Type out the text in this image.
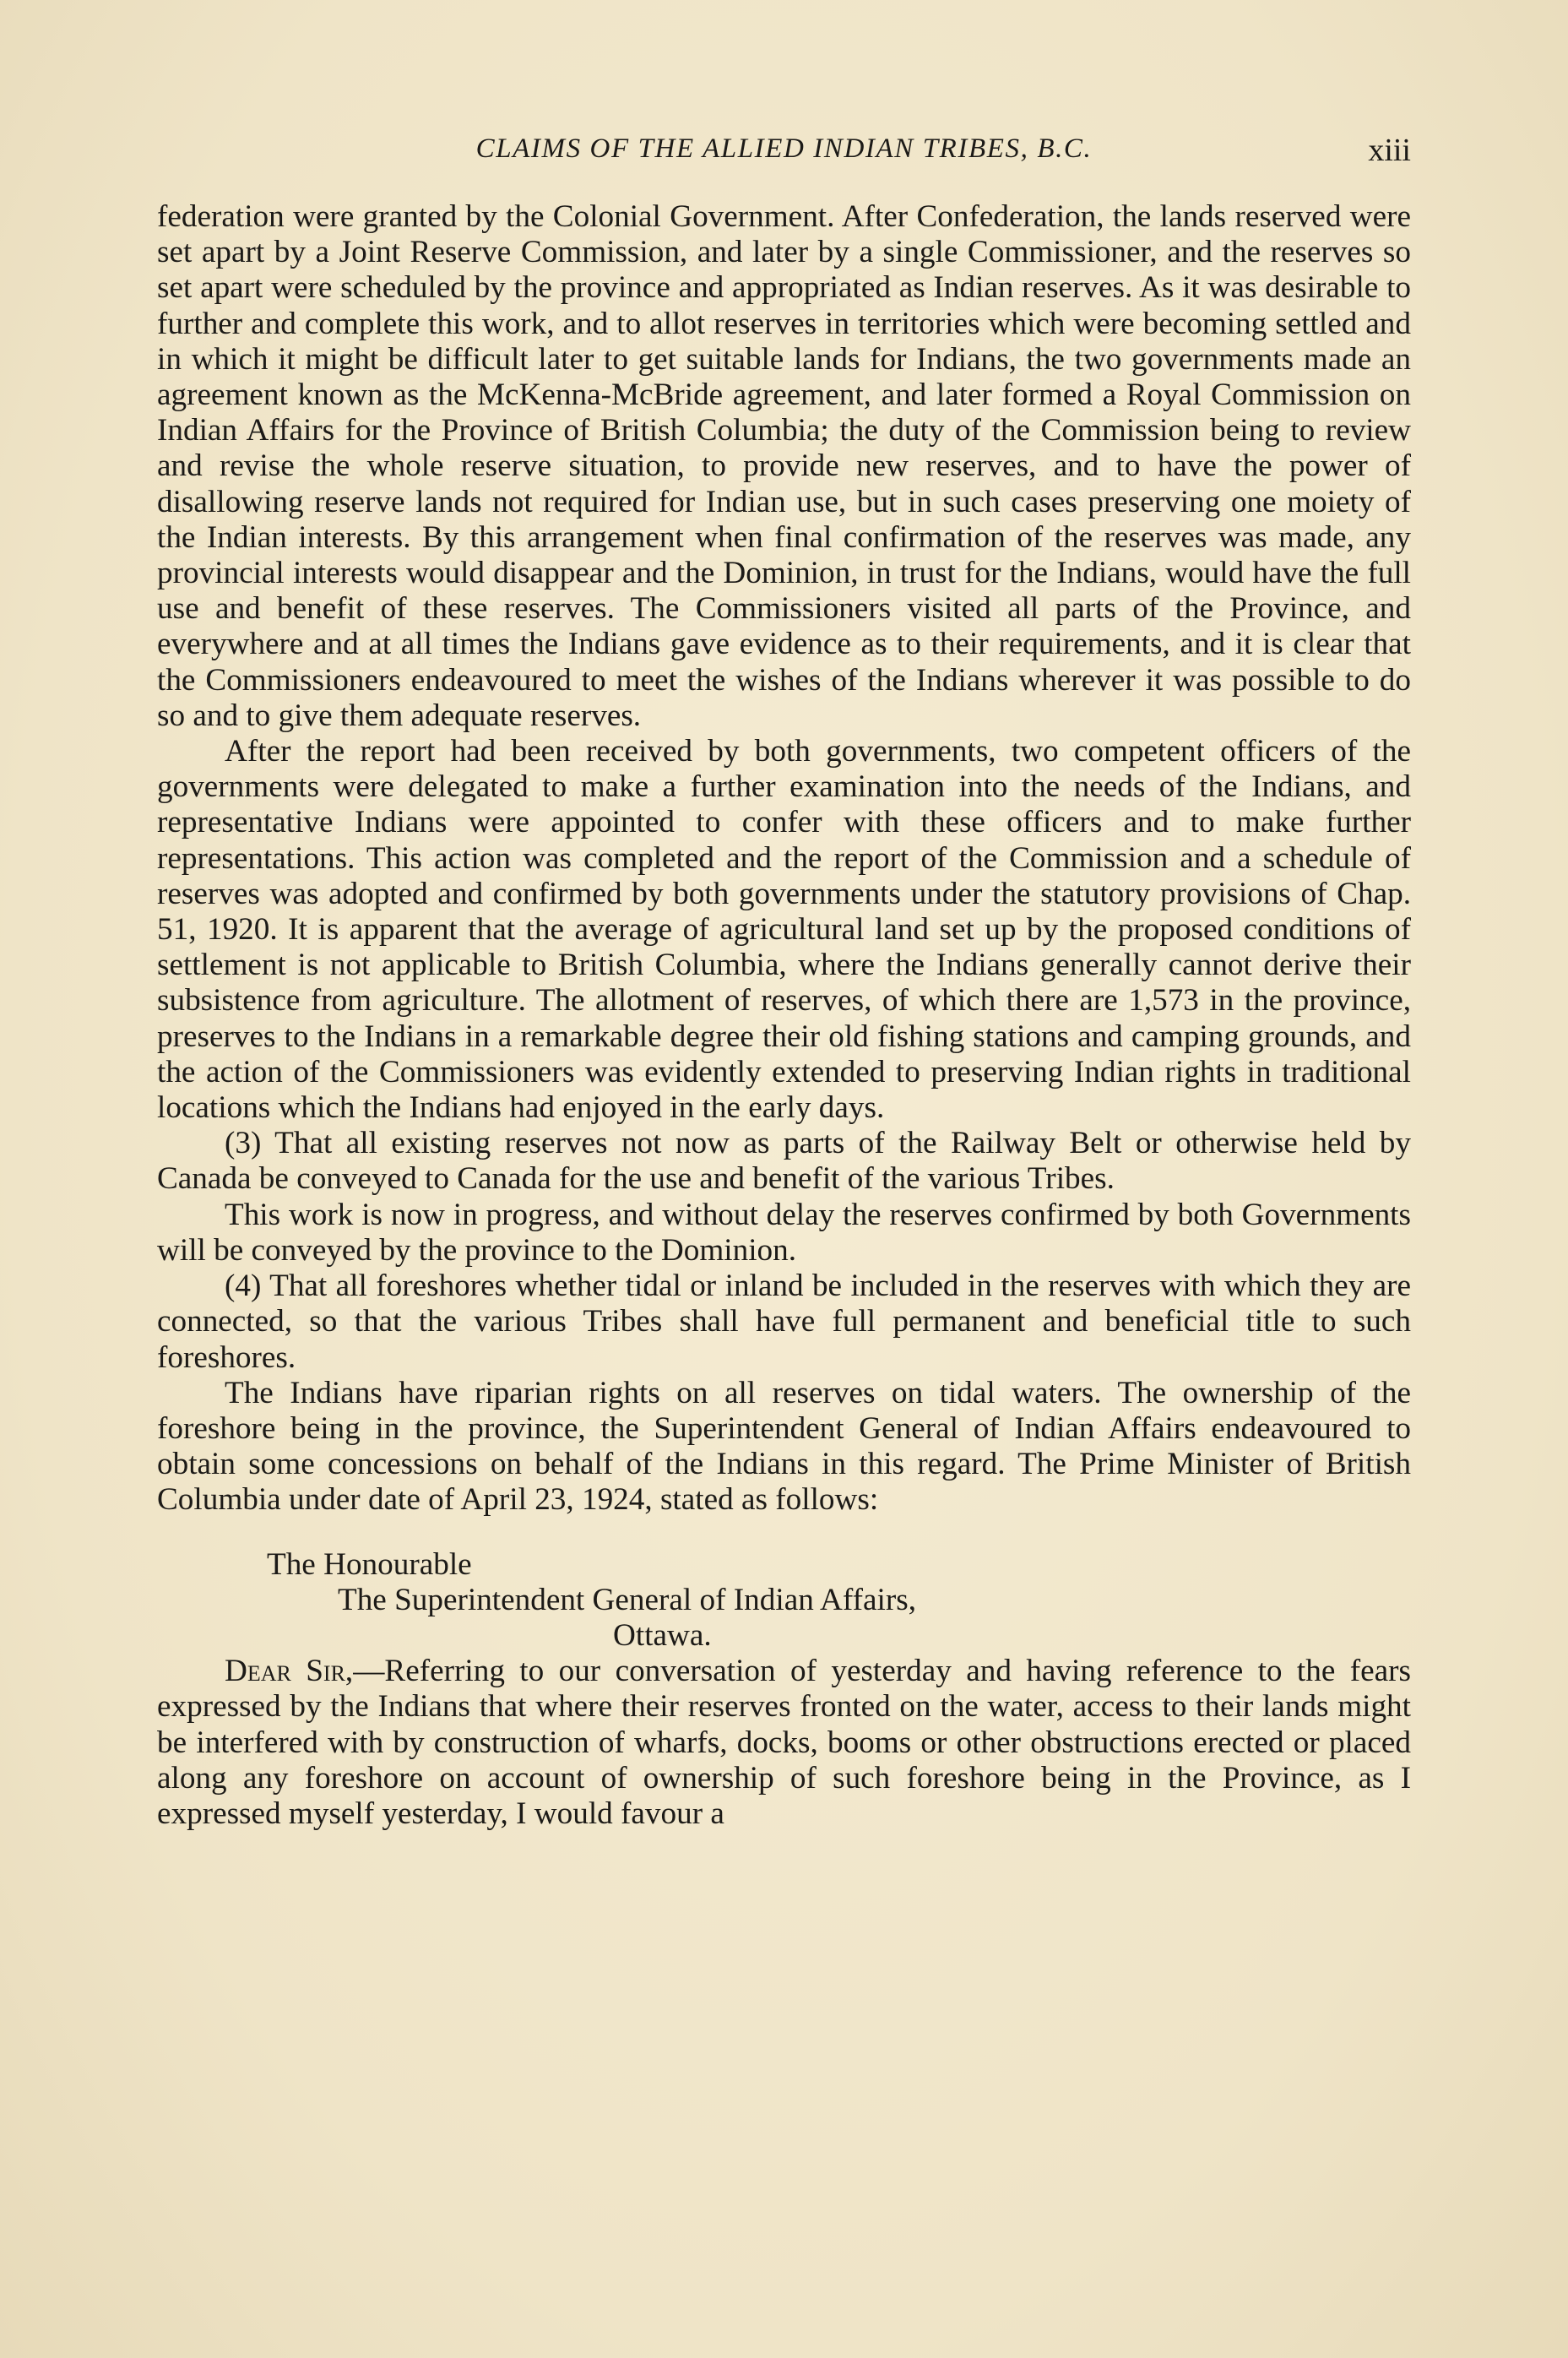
CLAIMS OF THE ALLIED INDIAN TRIBES, B.C.	xiii

federation were granted by the Colonial Government. After Confederation, the lands reserved were set apart by a Joint Reserve Commission, and later by a single Commissioner, and the reserves so set apart were scheduled by the province and appropriated as Indian reserves. As it was desirable to further and complete this work, and to allot reserves in territories which were becoming settled and in which it might be difficult later to get suitable lands for Indians, the two governments made an agreement known as the McKenna-McBride agreement, and later formed a Royal Commission on Indian Affairs for the Province of British Columbia; the duty of the Commission being to review and revise the whole reserve situation, to provide new reserves, and to have the power of disallowing reserve lands not required for Indian use, but in such cases preserving one moiety of the Indian interests. By this arrangement when final confirmation of the reserves was made, any provincial interests would disappear and the Dominion, in trust for the Indians, would have the full use and benefit of these reserves. The Commissioners visited all parts of the Province, and everywhere and at all times the Indians gave evidence as to their requirements, and it is clear that the Commissioners endeavoured to meet the wishes of the Indians wherever it was possible to do so and to give them adequate reserves.

After the report had been received by both governments, two competent officers of the governments were delegated to make a further examination into the needs of the Indians, and representative Indians were appointed to confer with these officers and to make further representations. This action was completed and the report of the Commission and a schedule of reserves was adopted and confirmed by both governments under the statutory provisions of Chap. 51, 1920. It is apparent that the average of agricultural land set up by the proposed conditions of settlement is not applicable to British Columbia, where the Indians generally cannot derive their subsistence from agriculture. The allotment of reserves, of which there are 1,573 in the province, preserves to the Indians in a remarkable degree their old fishing stations and camping grounds, and the action of the Commissioners was evidently extended to preserving Indian rights in traditional locations which the Indians had enjoyed in the early days.

(3) That all existing reserves not now as parts of the Railway Belt or otherwise held by Canada be conveyed to Canada for the use and benefit of the various Tribes.

This work is now in progress, and without delay the reserves confirmed by both Governments will be conveyed by the province to the Dominion.

(4) That all foreshores whether tidal or inland be included in the reserves with which they are connected, so that the various Tribes shall have full permanent and beneficial title to such foreshores.

The Indians have riparian rights on all reserves on tidal waters. The ownership of the foreshore being in the province, the Superintendent General of Indian Affairs endeavoured to obtain some concessions on behalf of the Indians in this regard. The Prime Minister of British Columbia under date of April 23, 1924, stated as follows:

The Honourable
The Superintendent General of Indian Affairs,
Ottawa.

Dear Sir,—Referring to our conversation of yesterday and having reference to the fears expressed by the Indians that where their reserves fronted on the water, access to their lands might be interfered with by construction of wharfs, docks, booms or other obstructions erected or placed along any foreshore on account of ownership of such foreshore being in the Province, as I expressed myself yesterday, I would favour a
